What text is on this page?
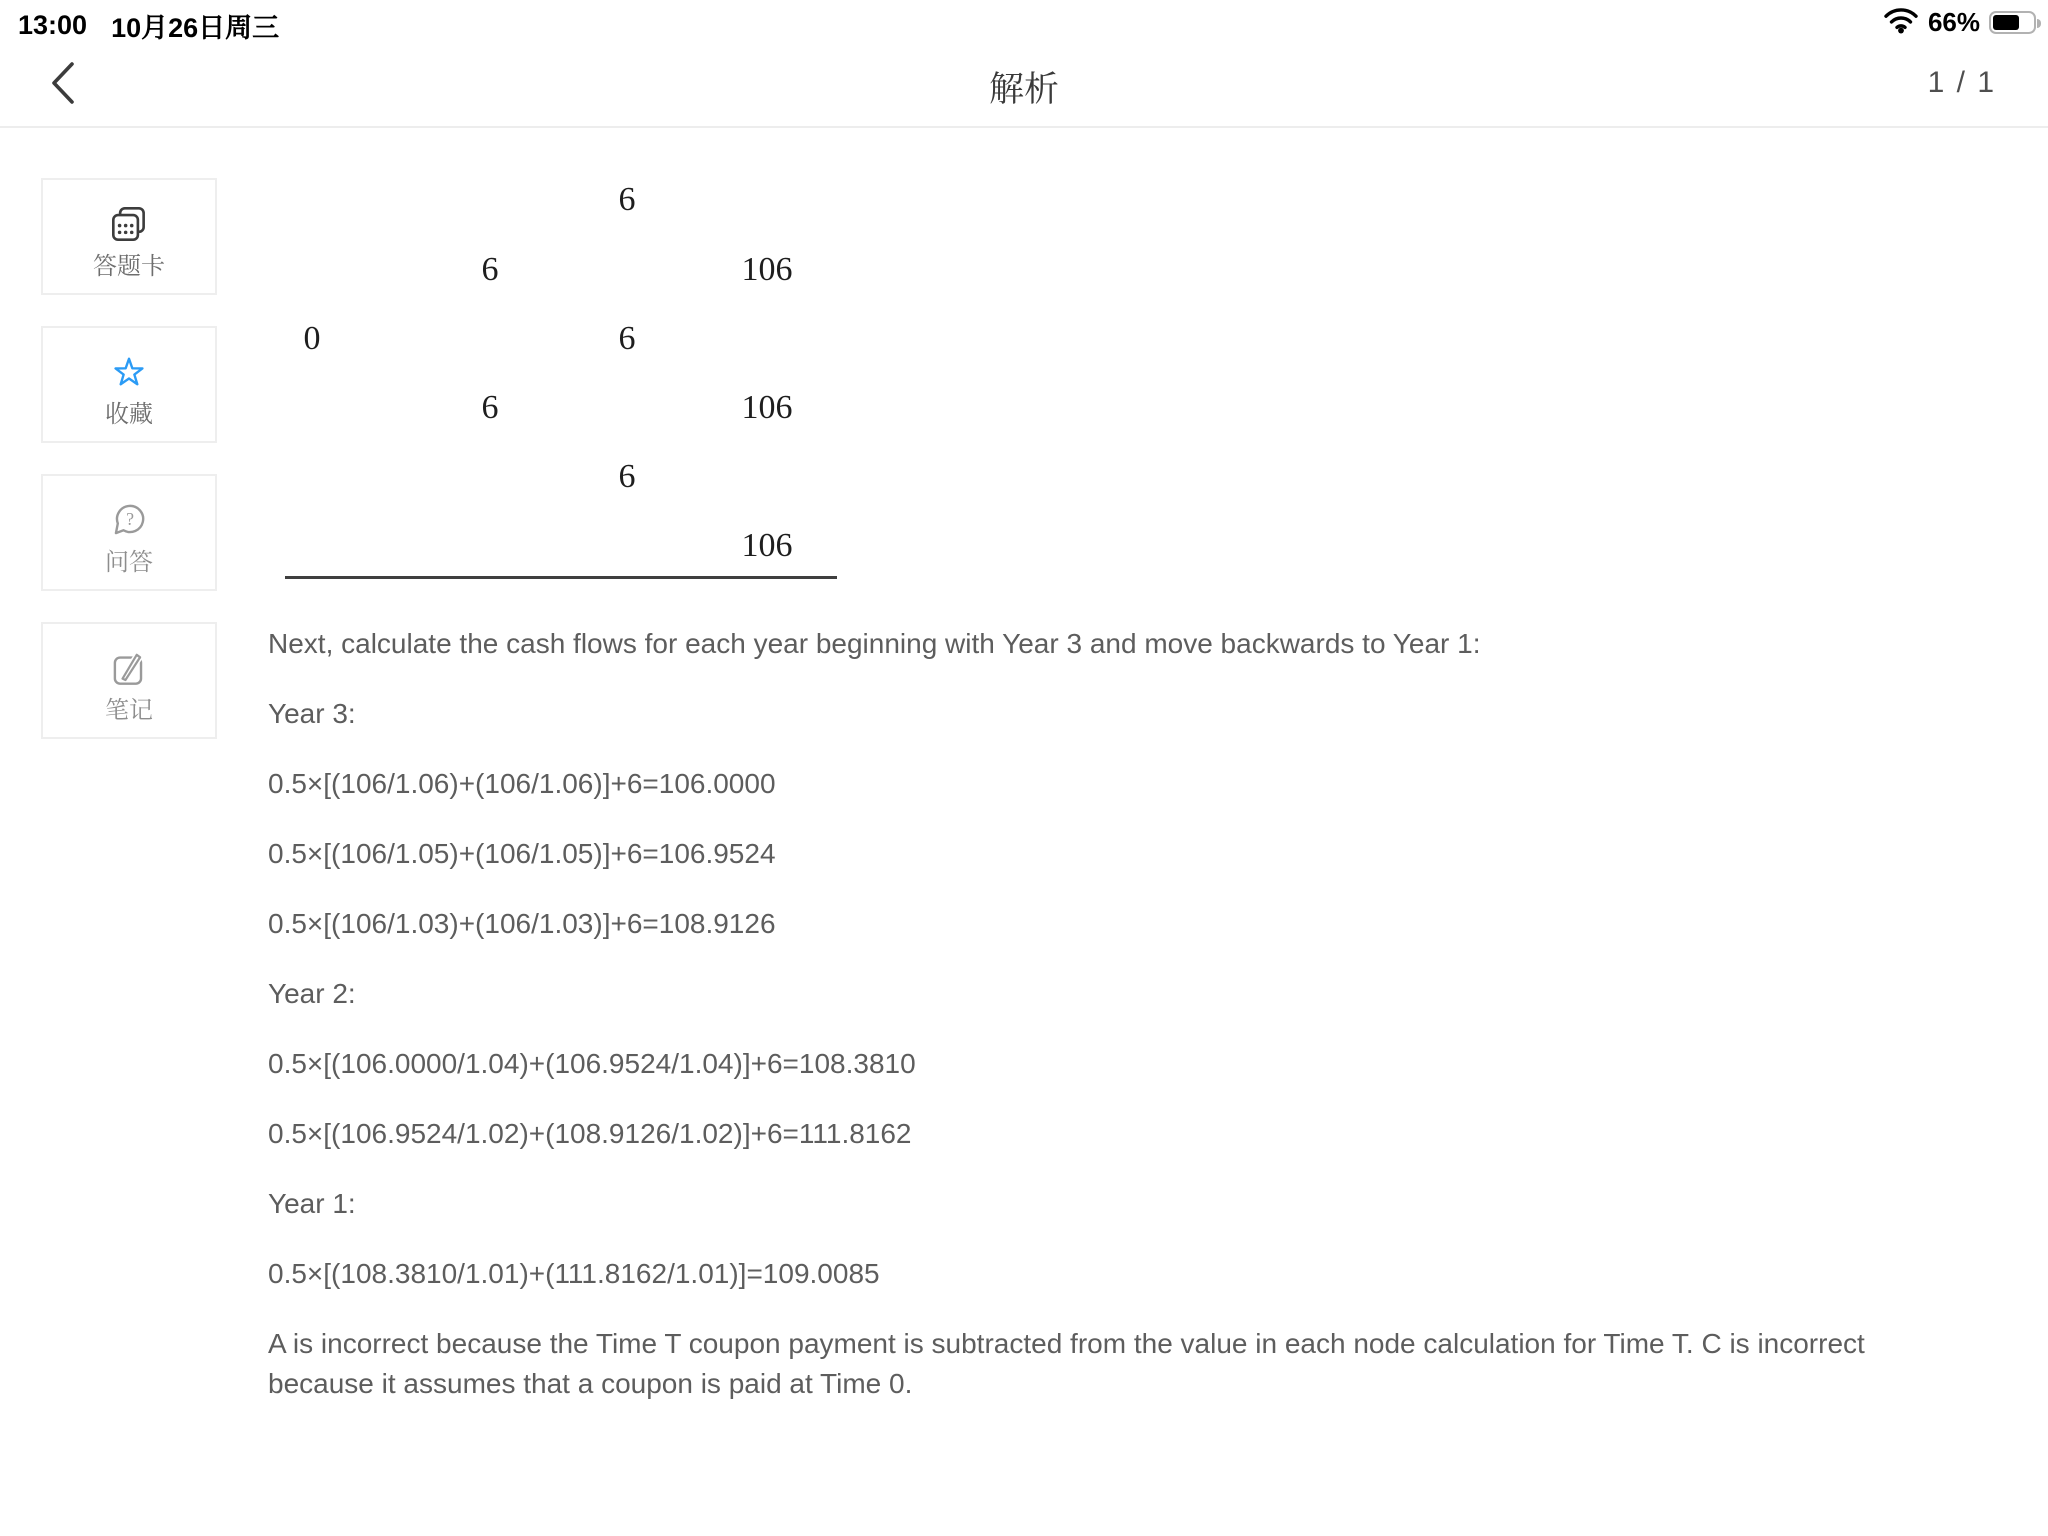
13:00 10月26日周三	66%
解析	1 / 1
答题卡
收藏
?
问答
笔记
6
6	106
0	6
6	106
6
106

Next, calculate the cash flows for each year beginning with Year 3 and move backwards to Year 1:

Year 3:

0.5×[(106/1.06)+(106/1.06)]+6=106.0000

0.5×[(106/1.05)+(106/1.05)]+6=106.9524

0.5×[(106/1.03)+(106/1.03)]+6=108.9126

Year 2:

0.5×[(106.0000/1.04)+(106.9524/1.04)]+6=108.3810

0.5×[(106.9524/1.02)+(108.9126/1.02)]+6=111.8162

Year 1:

0.5×[(108.3810/1.01)+(111.8162/1.01)]=109.0085

A is incorrect because the Time T coupon payment is subtracted from the value in each node calculation for Time T. C is incorrect because it assumes that a coupon is paid at Time 0.
